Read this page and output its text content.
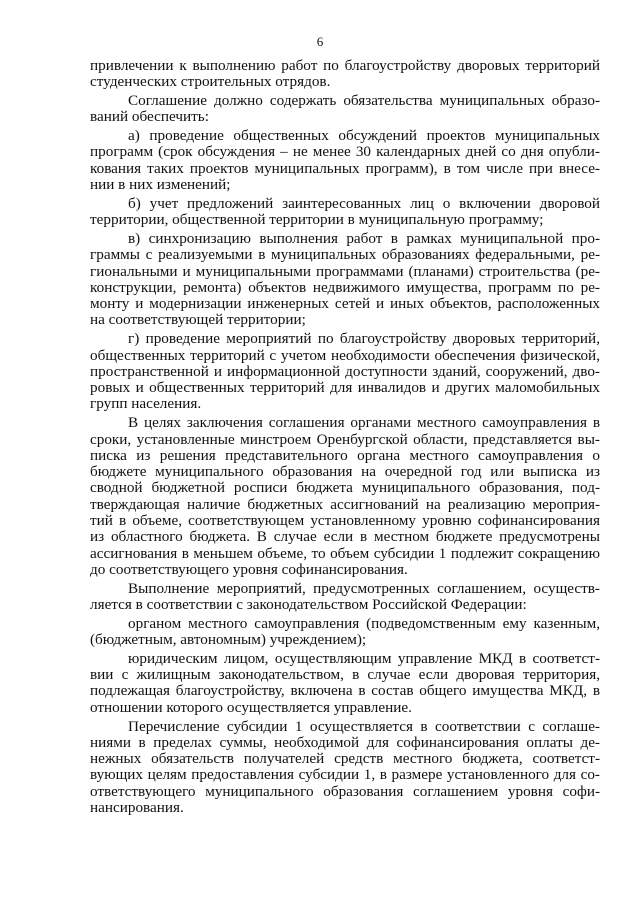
6
привлечении к выполнению работ по благоустройству дворовых территорий
студенческих строительных отрядов.
Соглашение должно содержать обязательства муниципальных образо-
ваний обеспечить:
а) проведение общественных обсуждений проектов муниципальных
программ (срок обсуждения – не менее 30 календарных дней со дня опубли-
кования таких проектов муниципальных программ), в том числе при внесе-
нии в них изменений;
б) учет предложений заинтересованных лиц о включении дворовой
территории, общественной территории в муниципальную программу;
в) синхронизацию выполнения работ в рамках муниципальной про-
граммы с реализуемыми в муниципальных образованиях федеральными, ре-
гиональными и муниципальными программами (планами) строительства (ре-
конструкции, ремонта) объектов недвижимого имущества, программ по ре-
монту и модернизации инженерных сетей и иных объектов, расположенных
на соответствующей территории;
г) проведение мероприятий по благоустройству дворовых территорий,
общественных территорий с учетом необходимости обеспечения физической,
пространственной и информационной доступности зданий, сооружений, дво-
ровых и общественных территорий для инвалидов и других маломобильных
групп населения.
В целях заключения соглашения органами местного самоуправления в
сроки, установленные минстроем Оренбургской области, представляется вы-
писка из решения представительного органа местного самоуправления о
бюджете муниципального образования на очередной год или выписка из
сводной бюджетной росписи бюджета муниципального образования, под-
тверждающая наличие бюджетных ассигнований на реализацию мероприя-
тий в объеме, соответствующем установленному уровню софинансирования
из областного бюджета. В случае если в местном бюджете предусмотрены
ассигнования в меньшем объеме, то объем субсидии 1 подлежит сокращению
до соответствующего уровня софинансирования.
Выполнение мероприятий, предусмотренных соглашением, осуществ-
ляется в соответствии с законодательством Российской Федерации:
органом местного самоуправления (подведомственным ему казенным,
(бюджетным, автономным) учреждением);
юридическим лицом, осуществляющим управление МКД в соответст-
вии с жилищным законодательством, в случае если дворовая территория,
подлежащая благоустройству, включена в состав общего имущества МКД, в
отношении которого осуществляется управление.
Перечисление субсидии 1 осуществляется в соответствии с соглаше-
ниями в пределах суммы, необходимой для софинансирования оплаты де-
нежных обязательств получателей средств местного бюджета, соответст-
вующих целям предоставления субсидии 1, в размере установленного для со-
ответствующего муниципального образования соглашением уровня софи-
нансирования.
